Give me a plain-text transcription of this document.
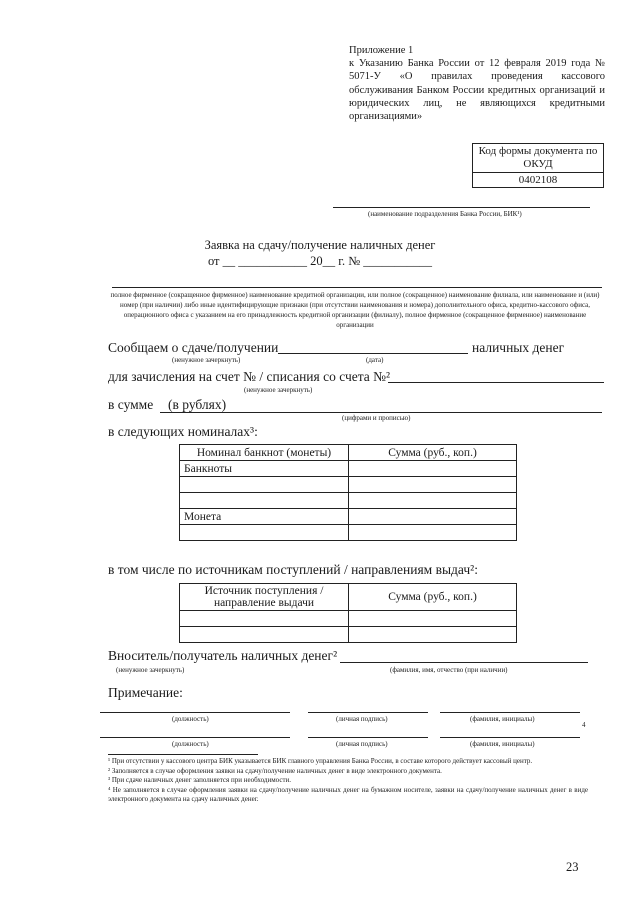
Приложение 1
к Указанию Банка России от 12 февраля 2019 года № 5071-У «О правилах проведения кассового обслуживания Банком России кредитных организаций и юридических лиц, не являющихся кредитными организациями»
Код формы документа по ОКУД
0402108
(наименование подразделения Банка России, БИК¹)
Заявка на сдачу/получение наличных денег
от __ ___________ 20__ г. № ___________
полное фирменное (сокращенное фирменное) наименование кредитной организации, или полное (сокращенное) наименование филиала, или наименование и (или) номер (при наличии) либо иные идентифицирующие признаки (при отсутствии наименования и номера) дополнительного офиса, кредитно-кассового офиса, операционного офиса с указанием на его принадлежность кредитной организации (филиалу), полное фирменное (сокращенное фирменное) наименование организации
Сообщаем о сдаче/получении
(ненужное зачеркнуть)	(дата)
наличных денег
для зачисления на счет № / списания со счета №²
(ненужное зачеркнуть)
в сумме (в рублях)
(цифрами и прописью)
в следующих номиналах³:
Номинал банкнот (монеты)	Сумма (руб., коп.)
Банкноты	

Монета	

в том числе по источникам поступлений / направлениям выдач²:
Источник поступления /
направление выдачи	Сумма (руб., коп.)

Вноситель/получатель наличных денег²
(ненужное зачеркнуть)	(фамилия, имя, отчество (при наличии)
Примечание:
(должность)	(личная подпись)	(фамилия, инициалы)
4
(должность)	(личная подпись)	(фамилия, инициалы)

¹ При отсутствии у кассового центра БИК указывается БИК главного управления Банка России, в составе которого действует кассовый центр.

² Заполняется в случае оформления заявки на сдачу/получение наличных денег в виде электронного документа.

³ При сдаче наличных денег заполняется при необходимости.

⁴ Не заполняется в случае оформления заявки на сдачу/получение наличных денег на бумажном носителе, заявки на сдачу/получение наличных денег в виде электронного документа на сдачу наличных денег.

23
